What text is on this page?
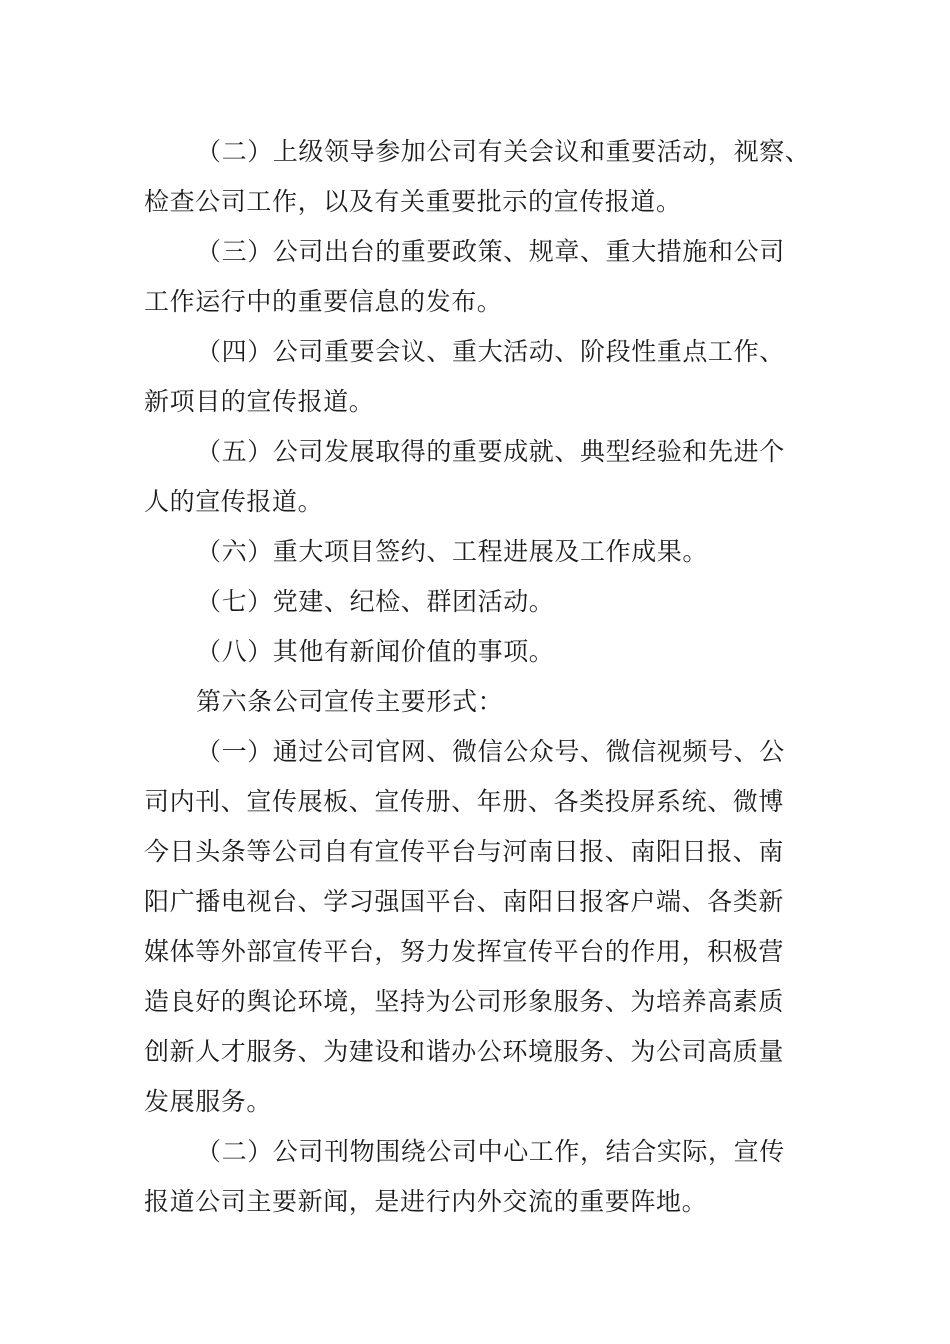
（二）上级领导参加公司有关会议和重要活动，视察、
检查公司工作，以及有关重要批示的宣传报道。

（三）公司出台的重要政策、规章、重大措施和公司
工作运行中的重要信息的发布。

（四）公司重要会议、重大活动、阶段性重点工作、
新项目的宣传报道。

（五）公司发展取得的重要成就、典型经验和先进个
人的宣传报道。

（六）重大项目签约、工程进展及工作成果。

（七）党建、纪检、群团活动。

（八）其他有新闻价值的事项。

第六条公司宣传主要形式：

（一）通过公司官网、微信公众号、微信视频号、公
司内刊、宣传展板、宣传册、年册、各类投屏系统、微博
今日头条等公司自有宣传平台与河南日报、南阳日报、南
阳广播电视台、学习强国平台、南阳日报客户端、各类新
媒体等外部宣传平台，努力发挥宣传平台的作用，积极营
造良好的舆论环境，坚持为公司形象服务、为培养高素质
创新人才服务、为建设和谐办公环境服务、为公司高质量
发展服务。

（二）公司刊物围绕公司中心工作，结合实际，宣传
报道公司主要新闻，是进行内外交流的重要阵地。
